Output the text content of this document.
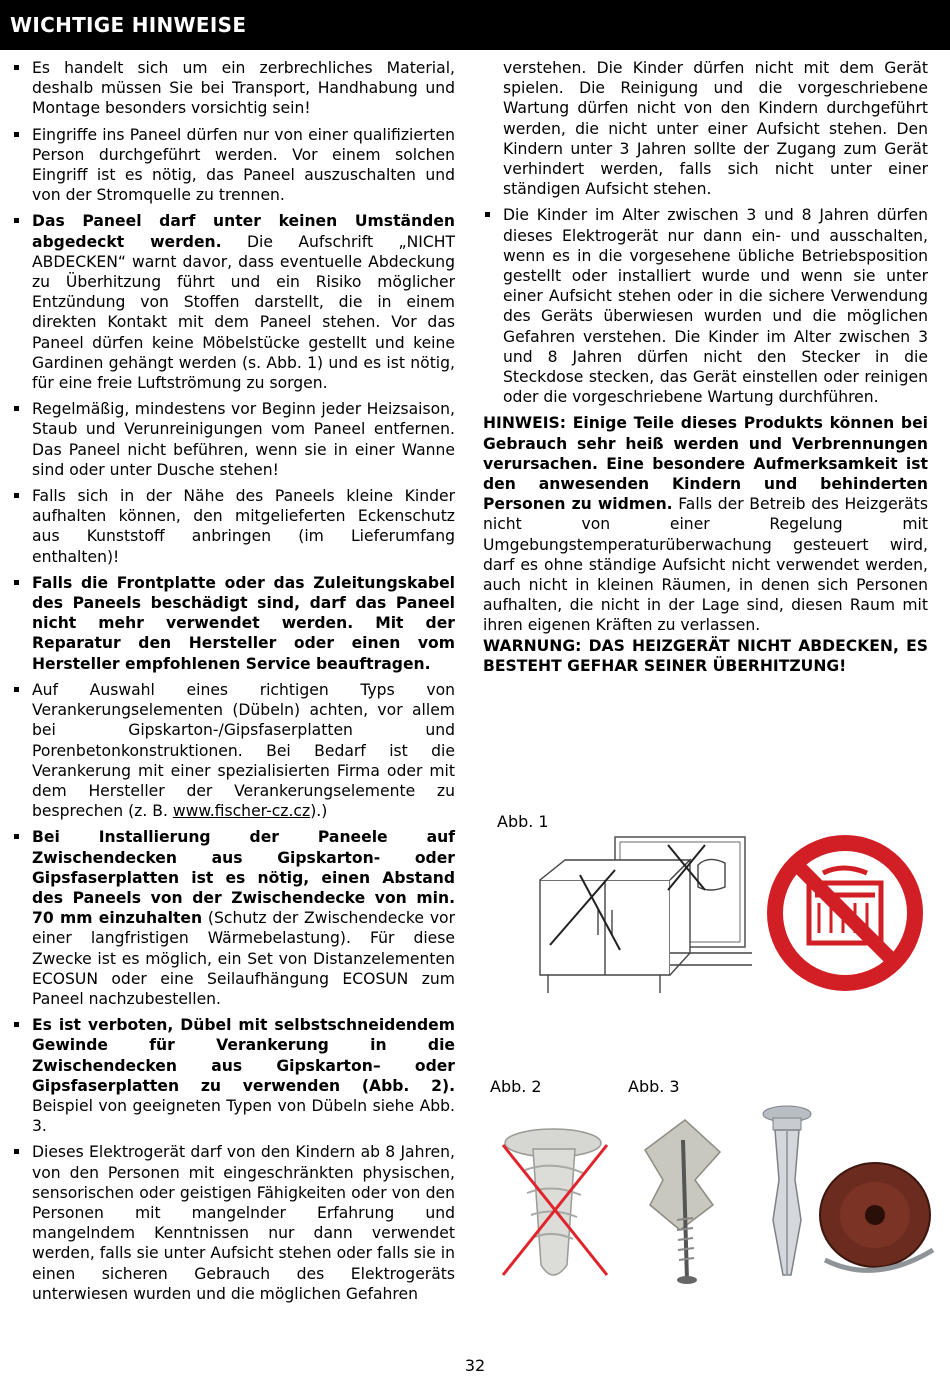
WICHTIGE HINWEISE
Es handelt sich um ein zerbrechliches Material, deshalb müssen Sie bei Transport, Handhabung und Montage besonders vorsichtig sein!
Eingriffe ins Paneel dürfen nur von einer qualifizierten Person durchgeführt werden. Vor einem solchen Eingriff ist es nötig, das Paneel auszuschalten und von der Stromquelle zu trennen.
Das Paneel darf unter keinen Umständen abgedeckt werden. Die Aufschrift „NICHT ABDECKEN“ warnt davor, dass eventuelle Abdeckung zu Überhitzung führt und ein Risiko möglicher Entzündung von Stoffen darstellt, die in einem direkten Kontakt mit dem Paneel stehen. Vor das Paneel dürfen keine Möbelstücke gestellt und keine Gardinen gehängt werden (s. Abb. 1) und es ist nötig, für eine freie Luftströmung zu sorgen.
Regelmäßig, mindestens vor Beginn jeder Heizsaison, Staub und Verunreinigungen vom Paneel entfernen. Das Paneel nicht beführen, wenn sie in einer Wanne sind oder unter Dusche stehen!
Falls sich in der Nähe des Paneels kleine Kinder aufhalten können, den mitgelieferten Eckenschutz aus Kunststoff anbringen (im Lieferumfang enthalten)!
Falls die Frontplatte oder das Zuleitungskabel des Paneels beschädigt sind, darf das Paneel nicht mehr verwendet werden. Mit der Reparatur den Hersteller oder einen vom Hersteller empfohlenen Service beauftragen.
Auf Auswahl eines richtigen Typs von Verankerungselementen (Dübeln) achten, vor allem bei Gipskarton-/Gipsfaserplatten und Porenbetonkonstruktionen. Bei Bedarf ist die Verankerung mit einer spezialisierten Firma oder mit dem Hersteller der Verankerungselemente zu besprechen (z. B. www.fischer-cz.cz).)
Bei Installierung der Paneele auf Zwischendecken aus Gipskarton- oder Gipsfaserplatten ist es nötig, einen Abstand des Paneels von der Zwischendecke von min. 70 mm einzuhalten (Schutz der Zwischendecke vor einer langfristigen Wärmebelastung). Für diese Zwecke ist es möglich, ein Set von Distanzelementen ECOSUN oder eine Seilaufhängung ECOSUN zum Paneel nachzubestellen.
Es ist verboten, Dübel mit selbstschneidendem Gewinde für Verankerung in die Zwischendecken aus Gipskarton– oder Gipsfaserplatten zu verwenden (Abb. 2). Beispiel von geeigneten Typen von Dübeln siehe Abb. 3.
Dieses Elektrogerät darf von den Kindern ab 8 Jahren, von den Personen mit eingeschränkten physischen, sensorischen oder geistigen Fähigkeiten oder von den Personen mit mangelnder Erfahrung und mangelndem Kenntnissen nur dann verwendet werden, falls sie unter Aufsicht stehen oder falls sie in einen sicheren Gebrauch des Elektrogeräts unterwiesen wurden und die möglichen Gefahren
verstehen. Die Kinder dürfen nicht mit dem Gerät spielen. Die Reinigung und die vorgeschriebene Wartung dürfen nicht von den Kindern durchgeführt werden, die nicht unter einer Aufsicht stehen. Den Kindern unter 3 Jahren sollte der Zugang zum Gerät verhindert werden, falls sich nicht unter einer ständigen Aufsicht stehen.
Die Kinder im Alter zwischen 3 und 8 Jahren dürfen dieses Elektrogerät nur dann ein- und ausschalten, wenn es in die vorgesehene übliche Betriebsposition gestellt oder installiert wurde und wenn sie unter einer Aufsicht stehen oder in die sichere Verwendung des Geräts überwiesen wurden und die möglichen Gefahren verstehen. Die Kinder im Alter zwischen 3 und 8 Jahren dürfen nicht den Stecker in die Steckdose stecken, das Gerät einstellen oder reinigen oder die vorgeschriebene Wartung durchführen.
HINWEIS: Einige Teile dieses Produkts können bei Gebrauch sehr heiß werden und Verbrennungen verursachen. Eine besondere Aufmerksamkeit ist den anwesenden Kindern und behinderten Personen zu widmen. Falls der Betreib des Heizgeräts nicht von einer Regelung mit Umgebungstemperaturüberwachung gesteuert wird, darf es ohne ständige Aufsicht nicht verwendet werden, auch nicht in kleinen Räumen, in denen sich Personen aufhalten, die nicht in der Lage sind, diesen Raum mit ihren eigenen Kräften zu verlassen.
WARNUNG: DAS HEIZGERÄT NICHT ABDECKEN, ES BESTEHT GEFHAR SEINER ÜBERHITZUNG!
Abb. 1
Abb. 2	Abb. 3
32
